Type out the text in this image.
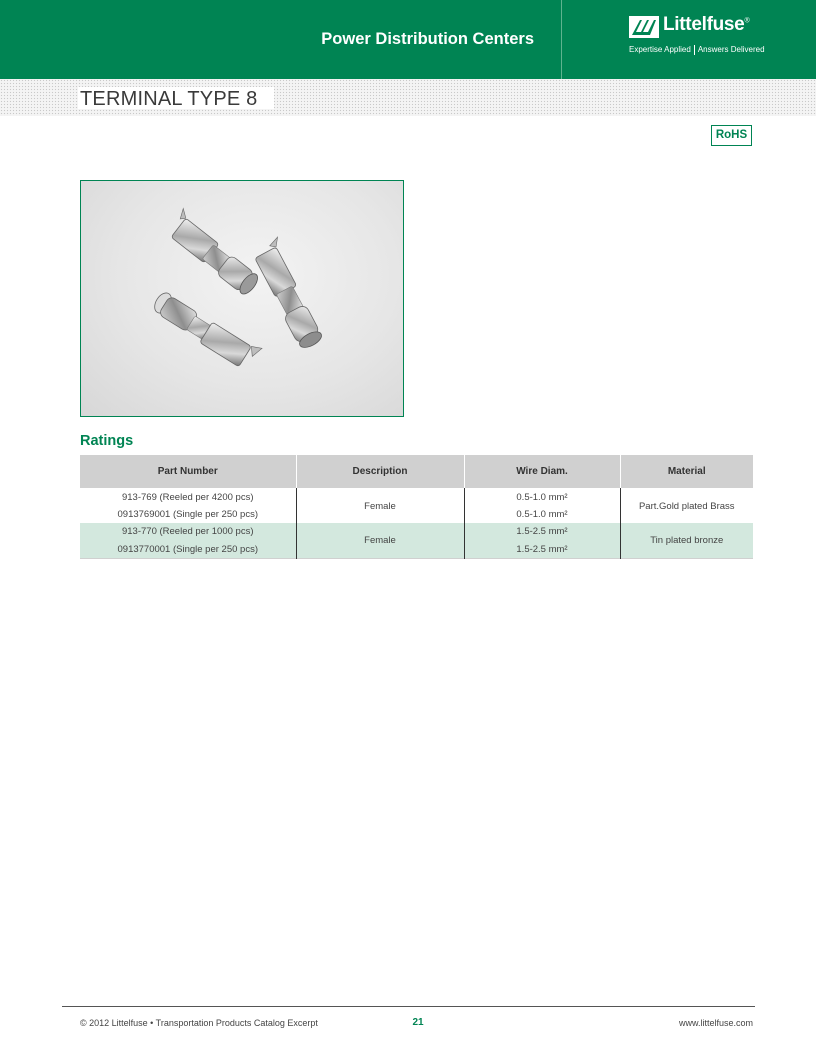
Power Distribution Centers
Littelfuse®
Expertise Applied Answers Delivered
TERMINAL TYPE 8
RoHS
Ratings
Part Number	Description	Wire Diam.	Material
913-769 (Reeled per 4200 pcs)	Female	0.5-1.0 mm²	Part.Gold plated Brass
0913769001 (Single per 250 pcs)		0.5-1.0 mm²	
913-770 (Reeled per 1000 pcs)	Female	1.5-2.5 mm²	Tin plated bronze
0913770001 (Single per 250 pcs)		1.5-2.5 mm²	
© 2012 Littelfuse • Transportation Products Catalog Excerpt	21	www.littelfuse.com
